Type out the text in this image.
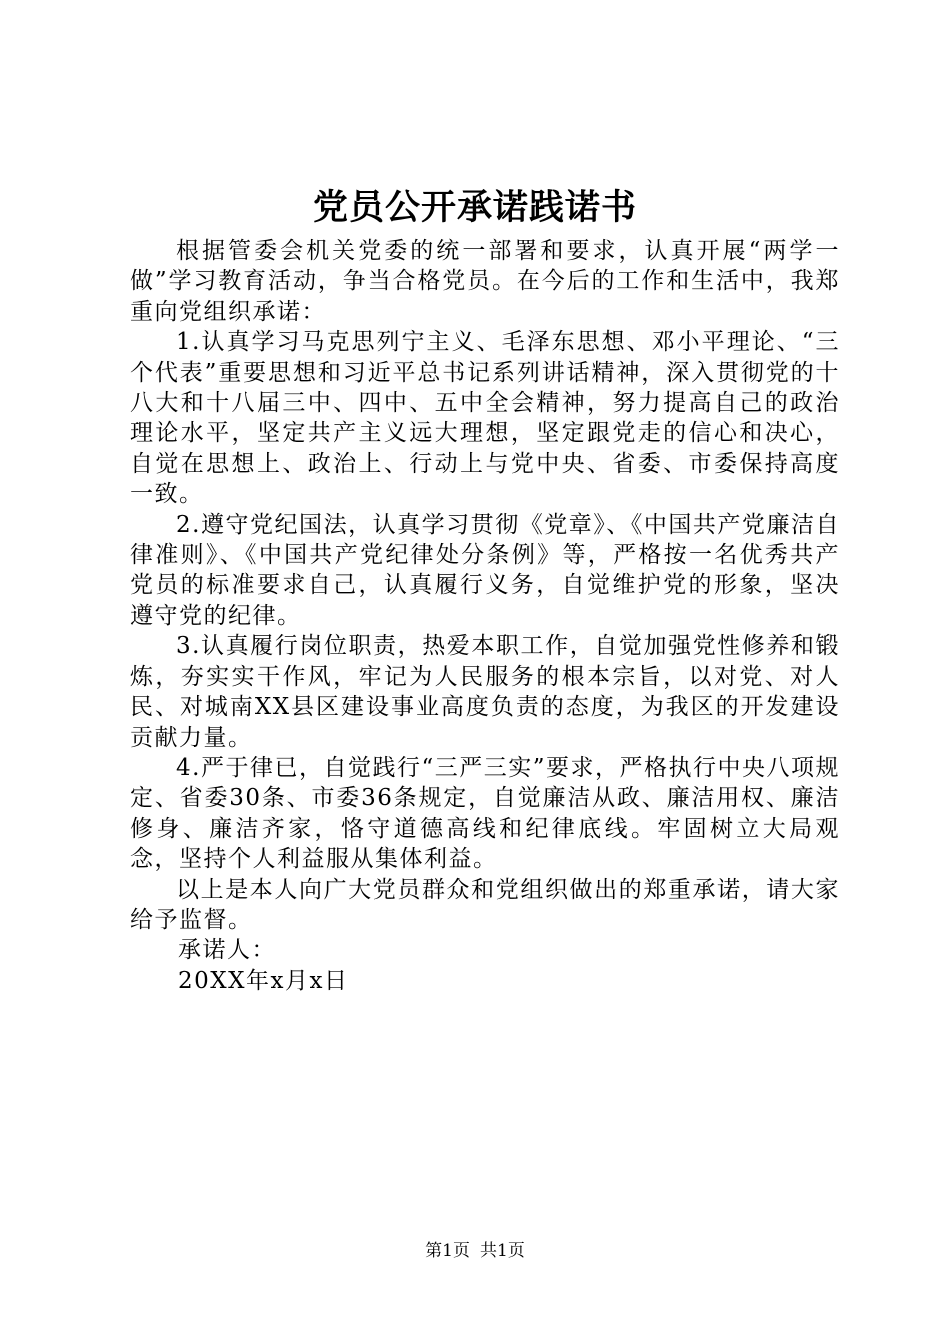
党员公开承诺践诺书

根据管委会机关党委的统一部署和要求，认真开展“两学一做”学习教育活动，争当合格党员。在今后的工作和生活中，我郑重向党组织承诺：

1.认真学习马克思列宁主义、毛泽东思想、邓小平理论、“三个代表”重要思想和习近平总书记系列讲话精神，深入贯彻党的十八大和十八届三中、四中、五中全会精神，努力提高自己的政治理论水平，坚定共产主义远大理想，坚定跟党走的信心和决心，自觉在思想上、政治上、行动上与党中央、省委、市委保持高度一致。

2.遵守党纪国法，认真学习贯彻《党章》、《中国共产党廉洁自律准则》、《中国共产党纪律处分条例》等，严格按一名优秀共产党员的标准要求自己，认真履行义务，自觉维护党的形象，坚决遵守党的纪律。

3.认真履行岗位职责，热爱本职工作，自觉加强党性修养和锻炼，夯实实干作风，牢记为人民服务的根本宗旨，以对党、对人民、对城南XX县区建设事业高度负责的态度，为我区的开发建设贡献力量。

4.严于律已，自觉践行“三严三实”要求，严格执行中央八项规定、省委30条、市委36条规定，自觉廉洁从政、廉洁用权、廉洁修身、廉洁齐家，恪守道德高线和纪律底线。牢固树立大局观念，坚持个人利益服从集体利益。

以上是本人向广大党员群众和党组织做出的郑重承诺，请大家给予监督。

承诺人：

20XX年x月x日

第1页 共1页
